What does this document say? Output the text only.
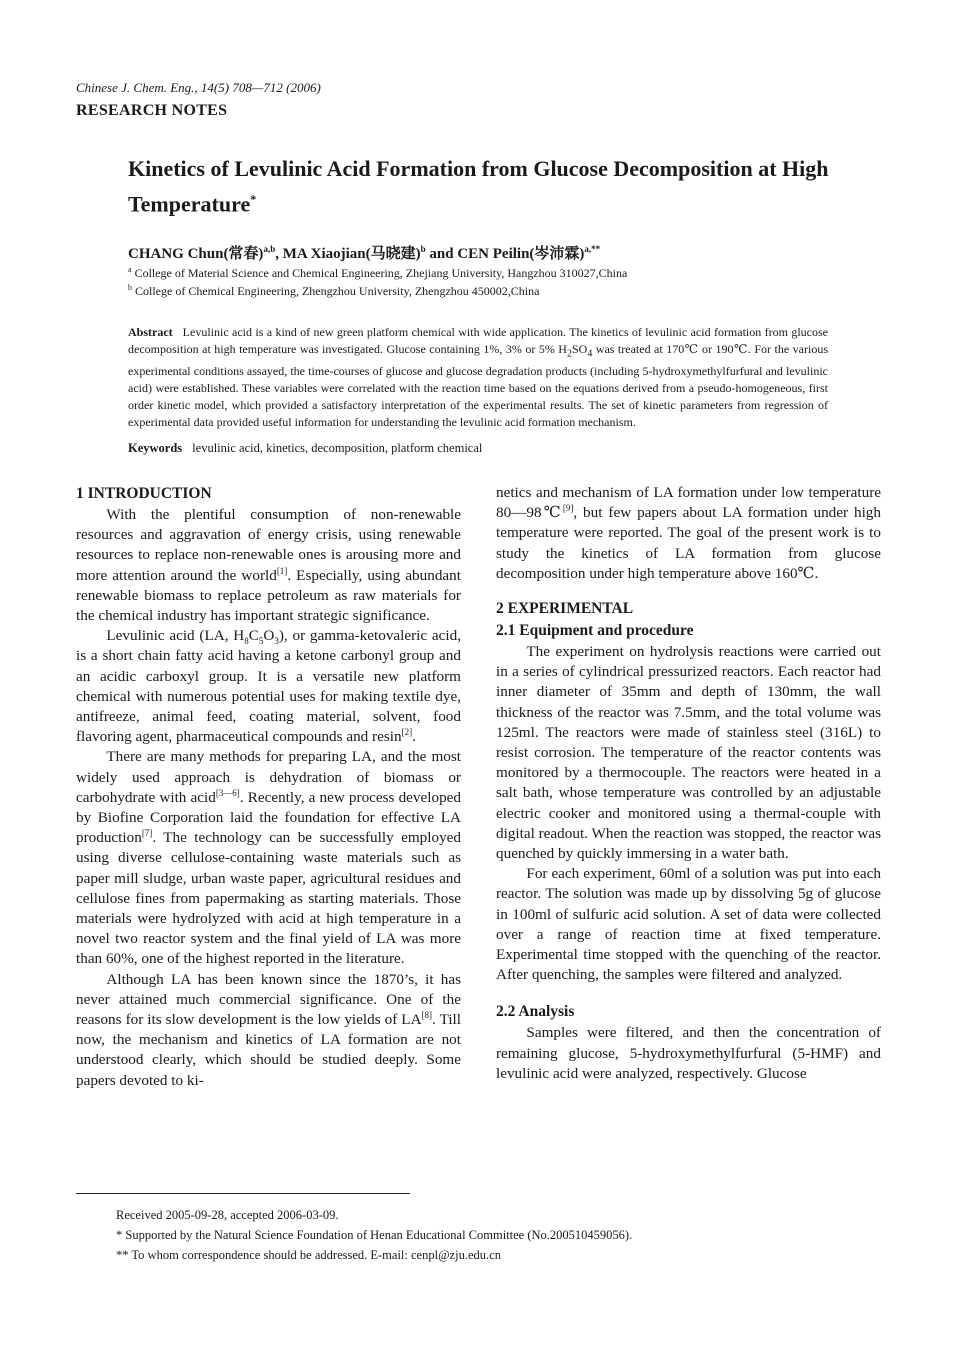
Chinese J. Chem. Eng., 14(5) 708—712 (2006)
RESEARCH NOTES
Kinetics of Levulinic Acid Formation from Glucose Decomposition at High Temperature*
CHANG Chun(常春)$^{a,b}$, MA Xiaojian(马晓建)$^b$ and CEN Peilin(岑沛霖)$^{a,**}$
$^a$ College of Material Science and Chemical Engineering, Zhejiang University, Hangzhou 310027,China
$^b$ College of Chemical Engineering, Zhengzhou University, Zhengzhou 450002,China
Abstract Levulinic acid is a kind of new green platform chemical with wide application. The kinetics of levulinic acid formation from glucose decomposition at high temperature was investigated. Glucose containing 1%, 3% or 5% $H_2SO_4$ was treated at 170℃ or 190℃. For the various experimental conditions assayed, the time-courses of glucose and glucose degradation products (including 5-hydroxymethylfurfural and levulinic acid) were established. These variables were correlated with the reaction time based on the equations derived from a pseudo-homogeneous, first order kinetic model, which provided a satisfactory interpretation of the experimental results. The set of kinetic parameters from regression of experimental data provided useful information for understanding the levulinic acid formation mechanism.
Keywords levulinic acid, kinetics, decomposition, platform chemical
1 INTRODUCTION

With the plentiful consumption of non-renewable resources and aggravation of energy crisis, using renewable resources to replace non-renewable ones is arousing more and more attention around the world[1]. Especially, using abundant renewable biomass to replace petroleum as raw materials for the chemical industry has important strategic significance.

Levulinic acid (LA, $H_8C_5O_3$), or gamma-ketovaleric acid, is a short chain fatty acid having a ketone carbonyl group and an acidic carboxyl group. It is a versatile new platform chemical with numerous potential uses for making textile dye, antifreeze, animal feed, coating material, solvent, food flavoring agent, pharmaceutical compounds and resin[2].

There are many methods for preparing LA, and the most widely used approach is dehydration of biomass or carbohydrate with acid[3—6]. Recently, a new process developed by Biofine Corporation laid the foundation for effective LA production[7]. The technology can be successfully employed using diverse cellulose-containing waste materials such as paper mill sludge, urban waste paper, agricultural residues and cellulose fines from papermaking as starting materials. Those materials were hydrolyzed with acid at high temperature in a novel two reactor system and the final yield of LA was more than 60%, one of the highest reported in the literature.

Although LA has been known since the 1870’s, it has never attained much commercial significance. One of the reasons for its slow development is the low yields of LA[8]. Till now, the mechanism and kinetics of LA formation are not understood clearly, which should be studied deeply. Some papers devoted to ki-

netics and mechanism of LA formation under low temperature 80—98℃[9], but few papers about LA formation under high temperature were reported. The goal of the present work is to study the kinetics of LA formation from glucose decomposition under high temperature above 160℃.

2 EXPERIMENTAL
2.1 Equipment and procedure

The experiment on hydrolysis reactions were carried out in a series of cylindrical pressurized reactors. Each reactor had inner diameter of 35mm and depth of 130mm, the wall thickness of the reactor was 7.5mm, and the total volume was 125ml. The reactors were made of stainless steel (316L) to resist corrosion. The temperature of the reactor contents was monitored by a thermocouple. The reactors were heated in a salt bath, whose temperature was controlled by an adjustable electric cooker and monitored using a thermal-couple with digital readout. When the reaction was stopped, the reactor was quenched by quickly immersing in a water bath.

For each experiment, 60ml of a solution was put into each reactor. The solution was made up by dissolving 5g of glucose in 100ml of sulfuric acid solution. A set of data were collected over a range of reaction time at fixed temperature. Experimental time stopped with the quenching of the reactor. After quenching, the samples were filtered and analyzed.

2.2 Analysis

Samples were filtered, and then the concentration of remaining glucose, 5-hydroxymethylfurfural (5-HMF) and levulinic acid were analyzed, respectively. Glucose

Received 2005-09-28, accepted 2006-03-09.
* Supported by the Natural Science Foundation of Henan Educational Committee (No.200510459056).
** To whom correspondence should be addressed. E-mail: cenpl@zju.edu.cn
